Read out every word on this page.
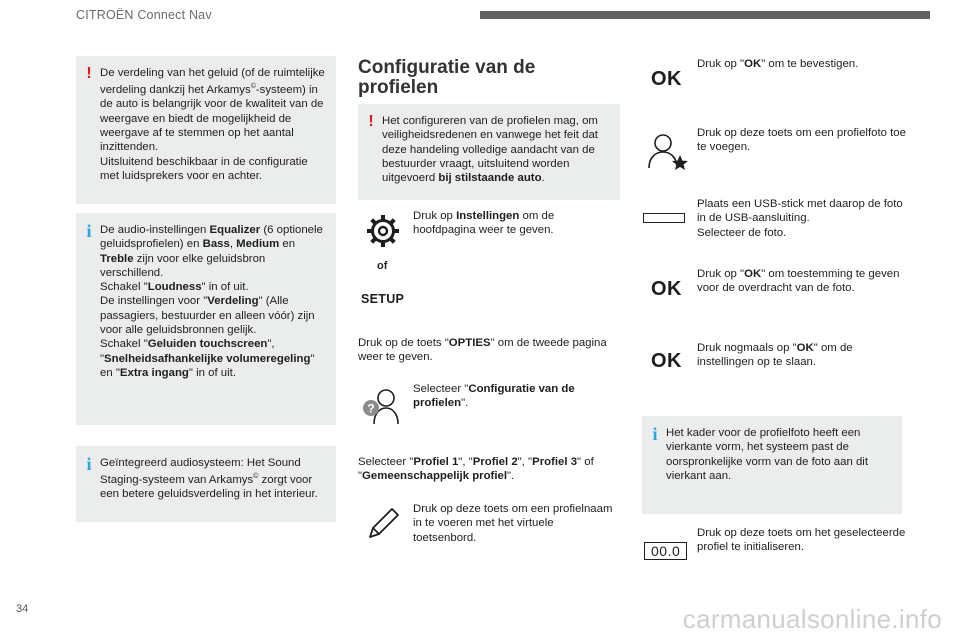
CITROËN Connect Nav
! De verdeling van het geluid (of de ruimtelijke verdeling dankzij het Arkamys©-systeem) in de auto is belangrijk voor de kwaliteit van de weergave en biedt de mogelijkheid de weergave af te stemmen op het aantal inzittenden.
Uitsluitend beschikbaar in de configuratie met luidsprekers voor en achter.

i De audio-instellingen Equalizer (6 optionele geluidsprofielen) en Bass, Medium en Treble zijn voor elke geluidsbron verschillend.
Schakel "Loudness" in of uit.
De instellingen voor "Verdeling" (Alle passagiers, bestuurder en alleen vóór) zijn voor alle geluidsbronnen gelijk.
Schakel "Geluiden touchscreen", "Snelheidsafhankelijke volumeregeling" en "Extra ingang" in of uit.

i Geïntegreerd audiosysteem: Het Sound Staging-systeem van Arkamys© zorgt voor een betere geluidsverdeling in het interieur.

Configuratie van de profielen
! Het configureren van de profielen mag, om veiligheidsredenen en vanwege het feit dat deze handeling volledige aandacht van de bestuurder vraagt, uitsluitend worden uitgevoerd bij stilstaande auto.

of
SETUP

Druk op Instellingen om de hoofdpagina weer te geven.

Druk op de toets "OPTIES" om de tweede pagina weer te geven.

?

Selecteer "Configuratie van de profielen".

Selecteer "Profiel 1", "Profiel 2", "Profiel 3" of "Gemeenschappelijk profiel".

Druk op deze toets om een profielnaam in te voeren met het virtuele toetsenbord.

OK

Druk op "OK" om te bevestigen.

Druk op deze toets om een profielfoto toe te voegen.

Plaats een USB-stick met daarop de foto in de USB-aansluiting.
Selecteer de foto.

OK

Druk op "OK" om toestemming te geven voor de overdracht van de foto.

OK

Druk nogmaals op "OK" om de instellingen op te slaan.

i Het kader voor de profielfoto heeft een vierkante vorm, het systeem past de oorspronkelijke vorm van de foto aan dit vierkant aan.

00.0

Druk op deze toets om het geselecteerde profiel te initialiseren.

34	carmanualsonline.info
